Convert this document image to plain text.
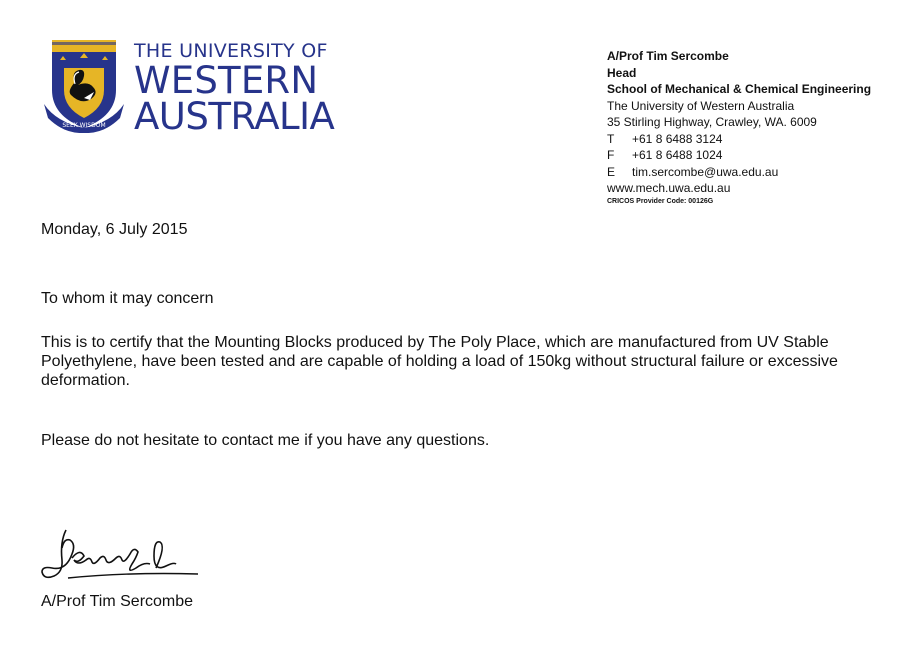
SEEK WISDOM
THE UNIVERSITY OF
WESTERN
AUSTRALIA
A/Prof Tim Sercombe
Head
School of Mechanical & Chemical Engineering
The University of Western Australia
35 Stirling Highway, Crawley, WA. 6009
T +61 8 6488 3124
F +61 8 6488 1024
E tim.sercombe@uwa.edu.au
www.mech.uwa.edu.au
CRICOS Provider Code: 00126G
Monday, 6 July 2015
To whom it may concern
This is to certify that the Mounting Blocks produced by The Poly Place, which are manufactured from UV Stable Polyethylene, have been tested and are capable of holding a load of 150kg without structural failure or excessive deformation.
Please do not hesitate to contact me if you have any questions.
A/Prof Tim Sercombe
